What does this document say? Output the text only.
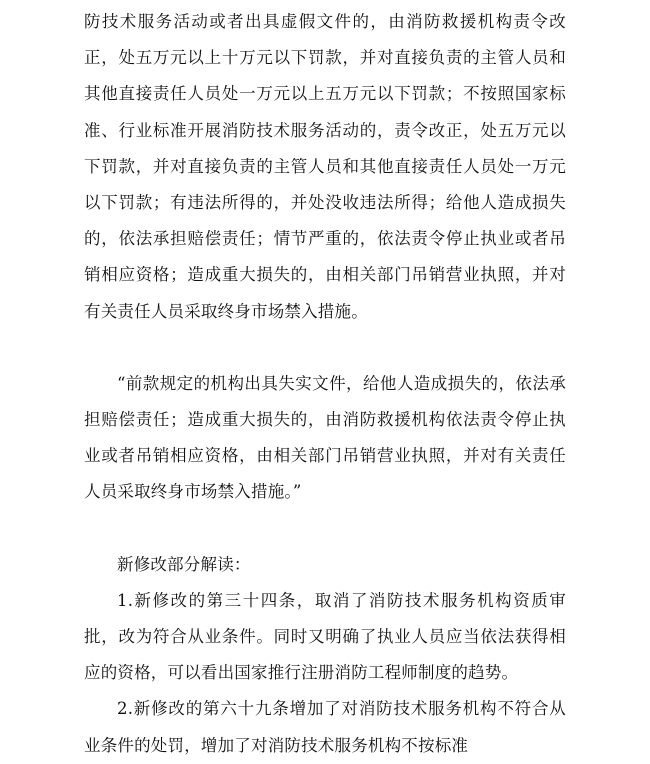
防技术服务活动或者出具虚假文件的，由消防救援机构责令改正，处五万元以上十万元以下罚款，并对直接负责的主管人员和其他直接责任人员处一万元以上五万元以下罚款；不按照国家标准、行业标准开展消防技术服务活动的，责令改正，处五万元以下罚款，并对直接负责的主管人员和其他直接责任人员处一万元以下罚款；有违法所得的，并处没收违法所得；给他人造成损失的，依法承担赔偿责任；情节严重的，依法责令停止执业或者吊销相应资格；造成重大损失的，由相关部门吊销营业执照，并对有关责任人员采取终身市场禁入措施。

“前款规定的机构出具失实文件，给他人造成损失的，依法承担赔偿责任；造成重大损失的，由消防救援机构依法责令停止执业或者吊销相应资格，由相关部门吊销营业执照，并对有关责任人员采取终身市场禁入措施。”

新修改部分解读：

1.新修改的第三十四条，取消了消防技术服务机构资质审批，改为符合从业条件。同时又明确了执业人员应当依法获得相应的资格，可以看出国家推行注册消防工程师制度的趋势。

2.新修改的第六十九条增加了对消防技术服务机构不符合从业条件的处罚，增加了对消防技术服务机构不按标准
